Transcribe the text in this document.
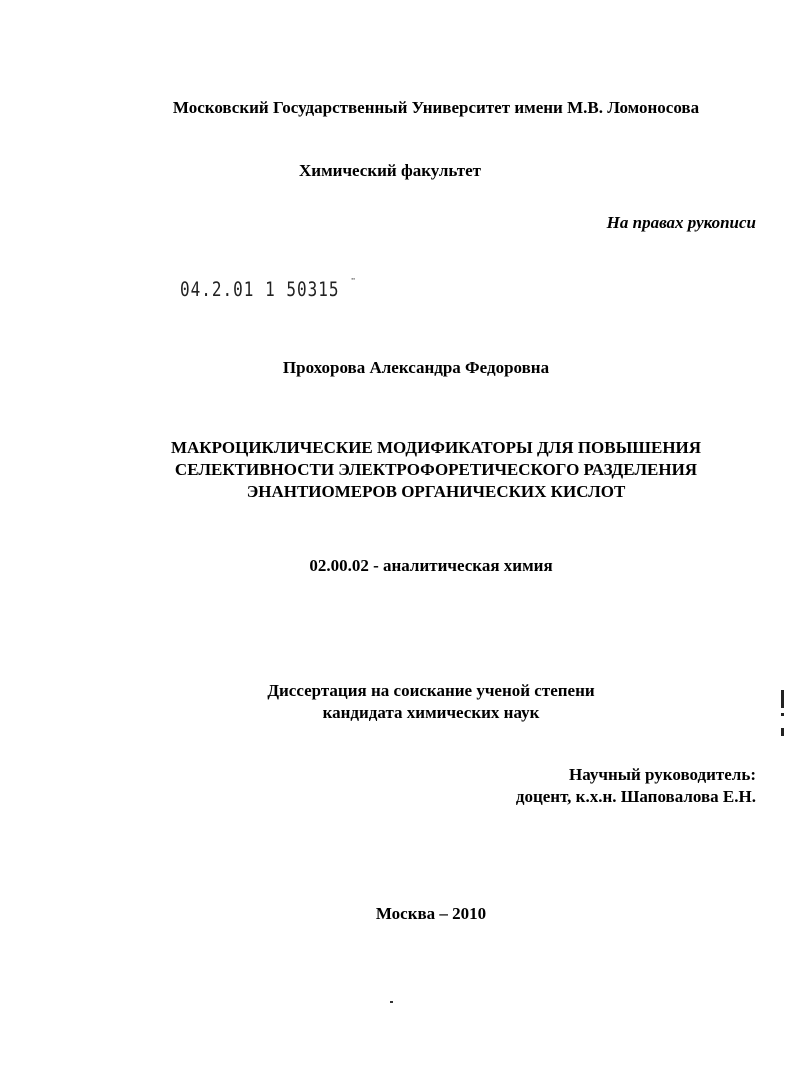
Московский Государственный Университет имени М.В. Ломоносова
Химический факультет
На правах рукописи
04.2.01 1 50315 ¨
Прохорова Александра Федоровна
МАКРОЦИКЛИЧЕСКИЕ МОДИФИКАТОРЫ ДЛЯ ПОВЫШЕНИЯ
СЕЛЕКТИВНОСТИ ЭЛЕКТРОФОРЕТИЧЕСКОГО РАЗДЕЛЕНИЯ
ЭНАНТИОМЕРОВ ОРГАНИЧЕСКИХ КИСЛОТ
02.00.02 - аналитическая химия
Диссертация на соискание ученой степени
кандидата химических наук
Научный руководитель:
доцент, к.х.н. Шаповалова Е.Н.
Москва – 2010
